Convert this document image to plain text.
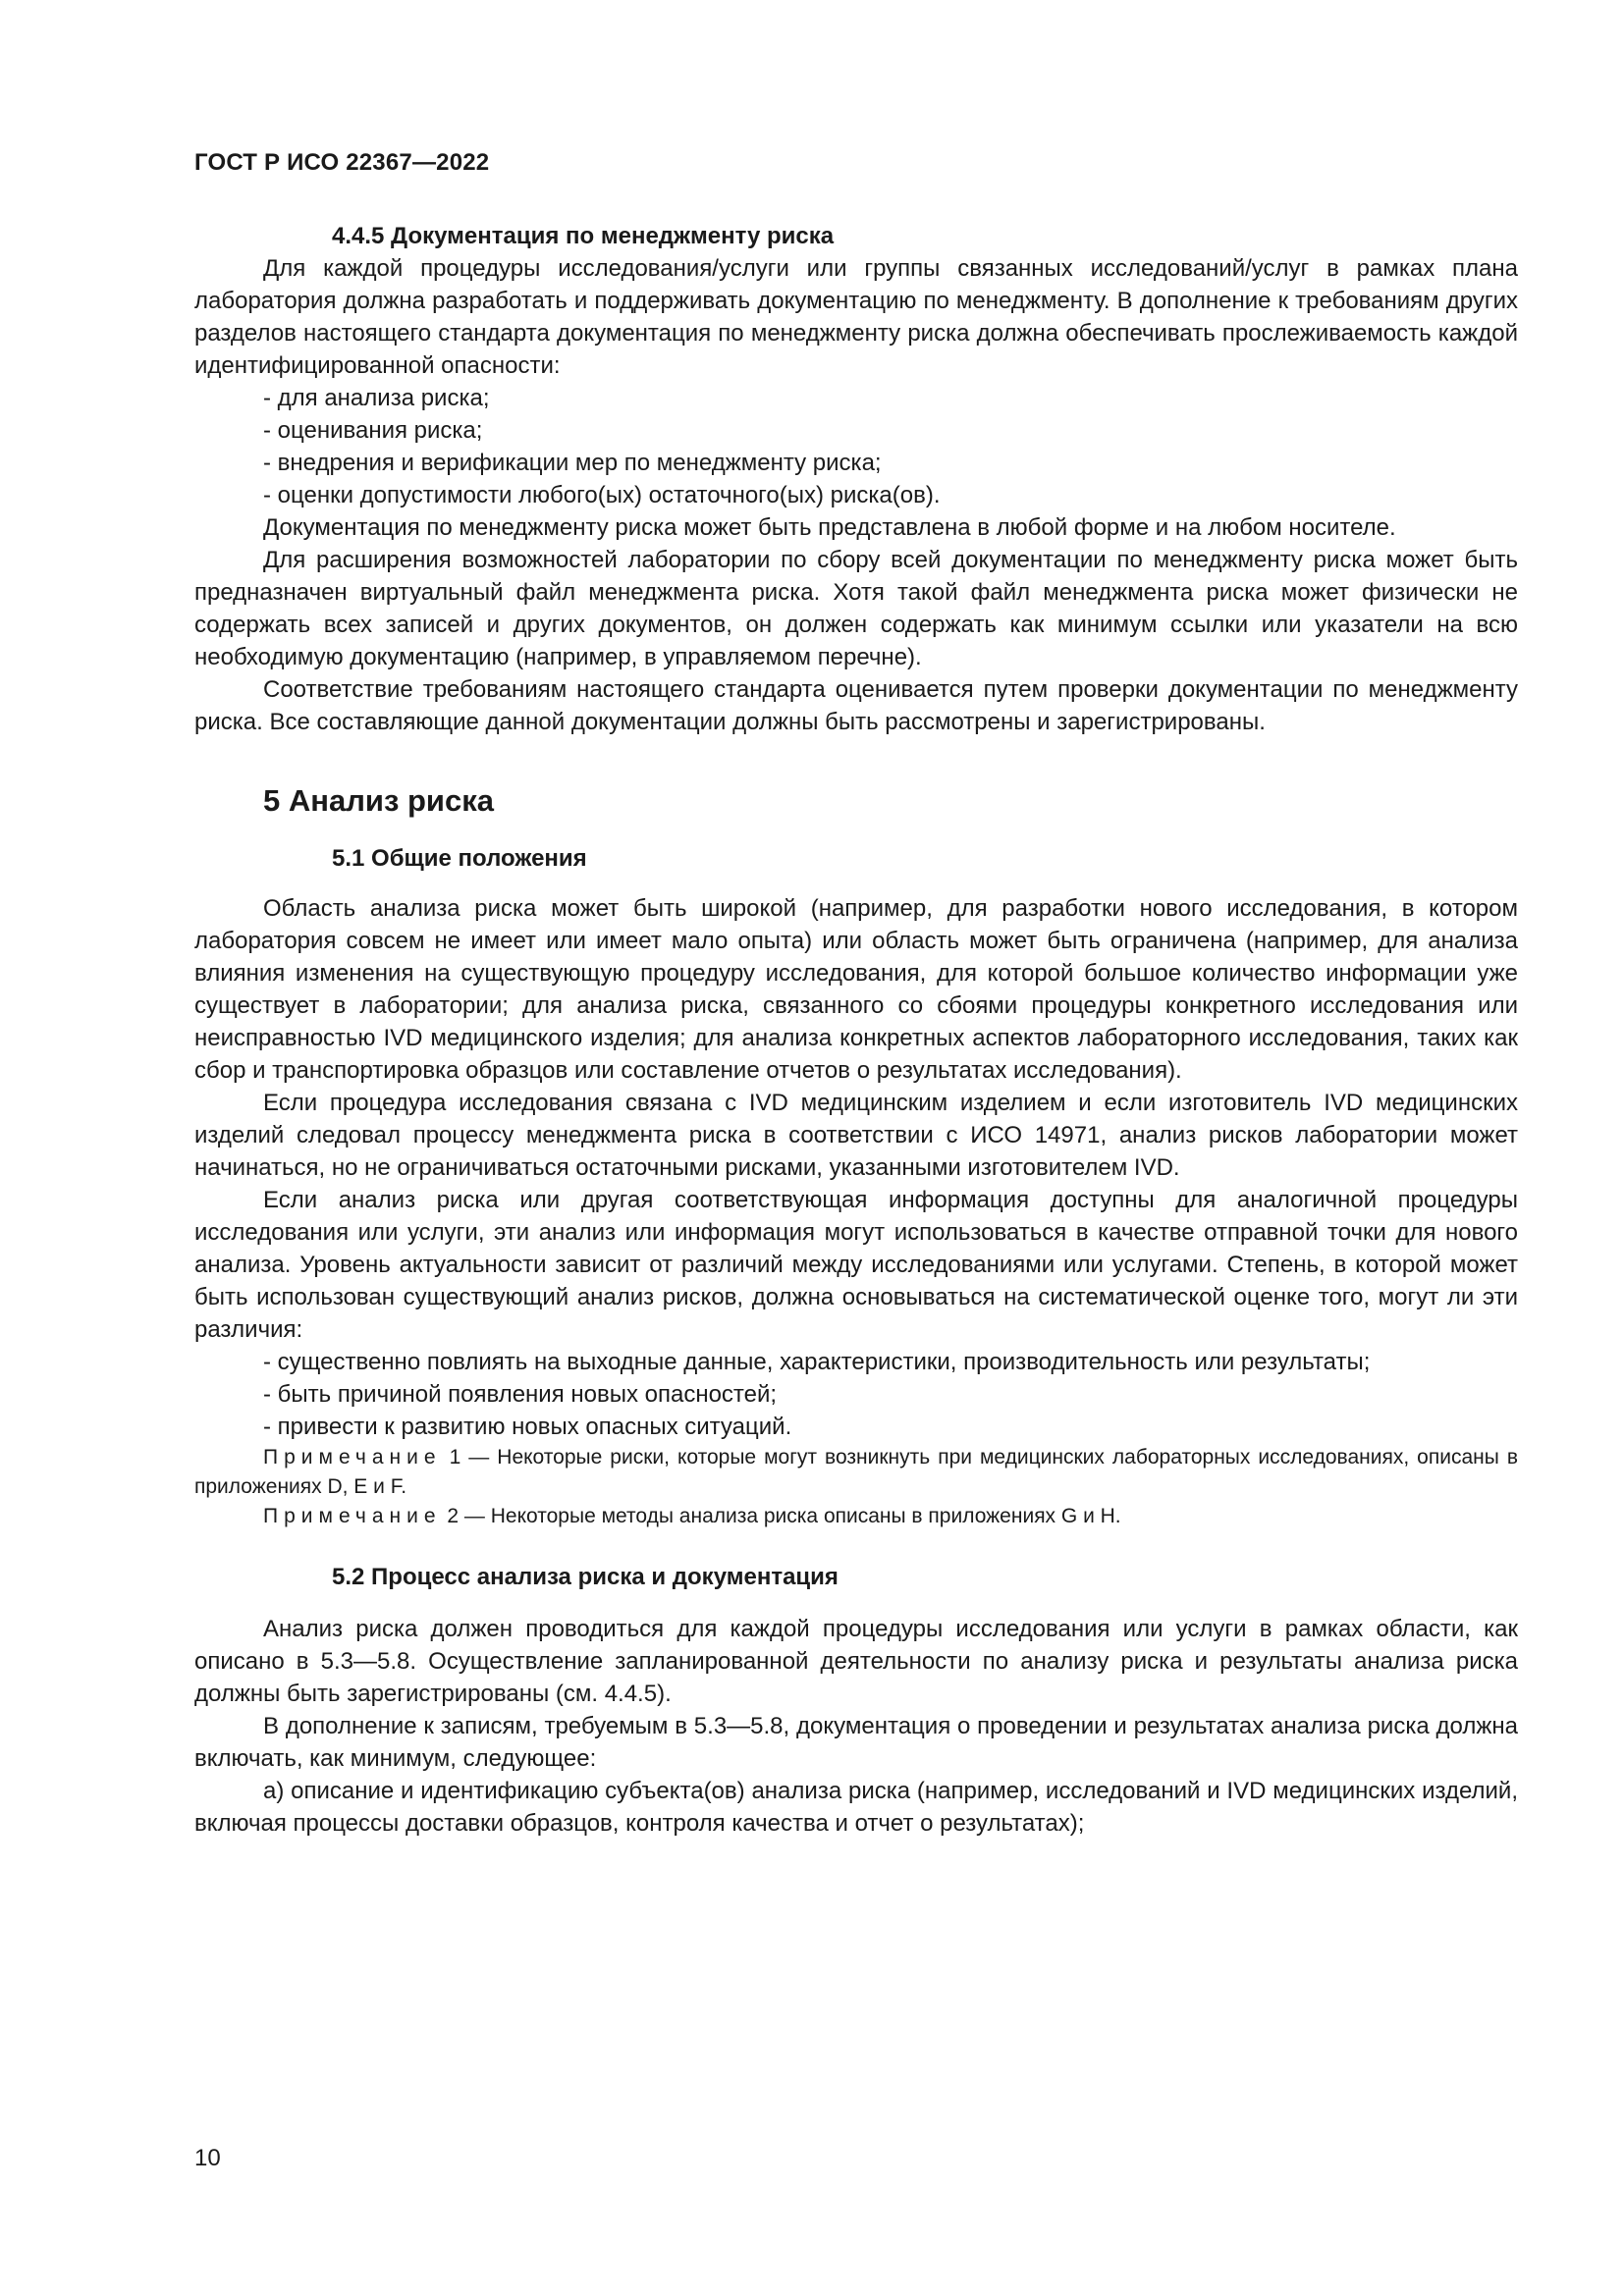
ГОСТ Р ИСО 22367—2022

4.4.5 Документация по менеджменту риска

Для каждой процедуры исследования/услуги или группы связанных исследований/услуг в рамках плана лаборатория должна разработать и поддерживать документацию по менеджменту. В дополнение к требованиям других разделов настоящего стандарта документация по менеджменту риска должна обеспечивать прослеживаемость каждой идентифицированной опасности:

- для анализа риска;

- оценивания риска;

- внедрения и верификации мер по менеджменту риска;

- оценки допустимости любого(ых) остаточного(ых) риска(ов).

Документация по менеджменту риска может быть представлена в любой форме и на любом носителе.

Для расширения возможностей лаборатории по сбору всей документации по менеджменту риска может быть предназначен виртуальный файл менеджмента риска. Хотя такой файл менеджмента риска может физически не содержать всех записей и других документов, он должен содержать как минимум ссылки или указатели на всю необходимую документацию (например, в управляемом перечне).

Соответствие требованиям настоящего стандарта оценивается путем проверки документации по менеджменту риска. Все составляющие данной документации должны быть рассмотрены и зарегистрированы.

5 Анализ риска

5.1 Общие положения

Область анализа риска может быть широкой (например, для разработки нового исследования, в котором лаборатория совсем не имеет или имеет мало опыта) или область может быть ограничена (например, для анализа влияния изменения на существующую процедуру исследования, для которой большое количество информации уже существует в лаборатории; для анализа риска, связанного со сбоями процедуры конкретного исследования или неисправностью IVD медицинского изделия; для анализа конкретных аспектов лабораторного исследования, таких как сбор и транспортировка образцов или составление отчетов о результатах исследования).

Если процедура исследования связана с IVD медицинским изделием и если изготовитель IVD медицинских изделий следовал процессу менеджмента риска в соответствии с ИСО 14971, анализ рисков лаборатории может начинаться, но не ограничиваться остаточными рисками, указанными изготовителем IVD.

Если анализ риска или другая соответствующая информация доступны для аналогичной процедуры исследования или услуги, эти анализ или информация могут использоваться в качестве отправной точки для нового анализа. Уровень актуальности зависит от различий между исследованиями или услугами. Степень, в которой может быть использован существующий анализ рисков, должна основываться на систематической оценке того, могут ли эти различия:

- существенно повлиять на выходные данные, характеристики, производительность или результаты;

- быть причиной появления новых опасностей;

- привести к развитию новых опасных ситуаций.

Примечание 1 — Некоторые риски, которые могут возникнуть при медицинских лабораторных исследованиях, описаны в приложениях D, E и F.

Примечание 2 — Некоторые методы анализа риска описаны в приложениях G и H.

5.2 Процесс анализа риска и документация

Анализ риска должен проводиться для каждой процедуры исследования или услуги в рамках области, как описано в 5.3—5.8. Осуществление запланированной деятельности по анализу риска и результаты анализа риска должны быть зарегистрированы (см. 4.4.5).

В дополнение к записям, требуемым в 5.3—5.8, документация о проведении и результатах анализа риска должна включать, как минимум, следующее:

а) описание и идентификацию субъекта(ов) анализа риска (например, исследований и IVD медицинских изделий, включая процессы доставки образцов, контроля качества и отчет о результатах);

10
